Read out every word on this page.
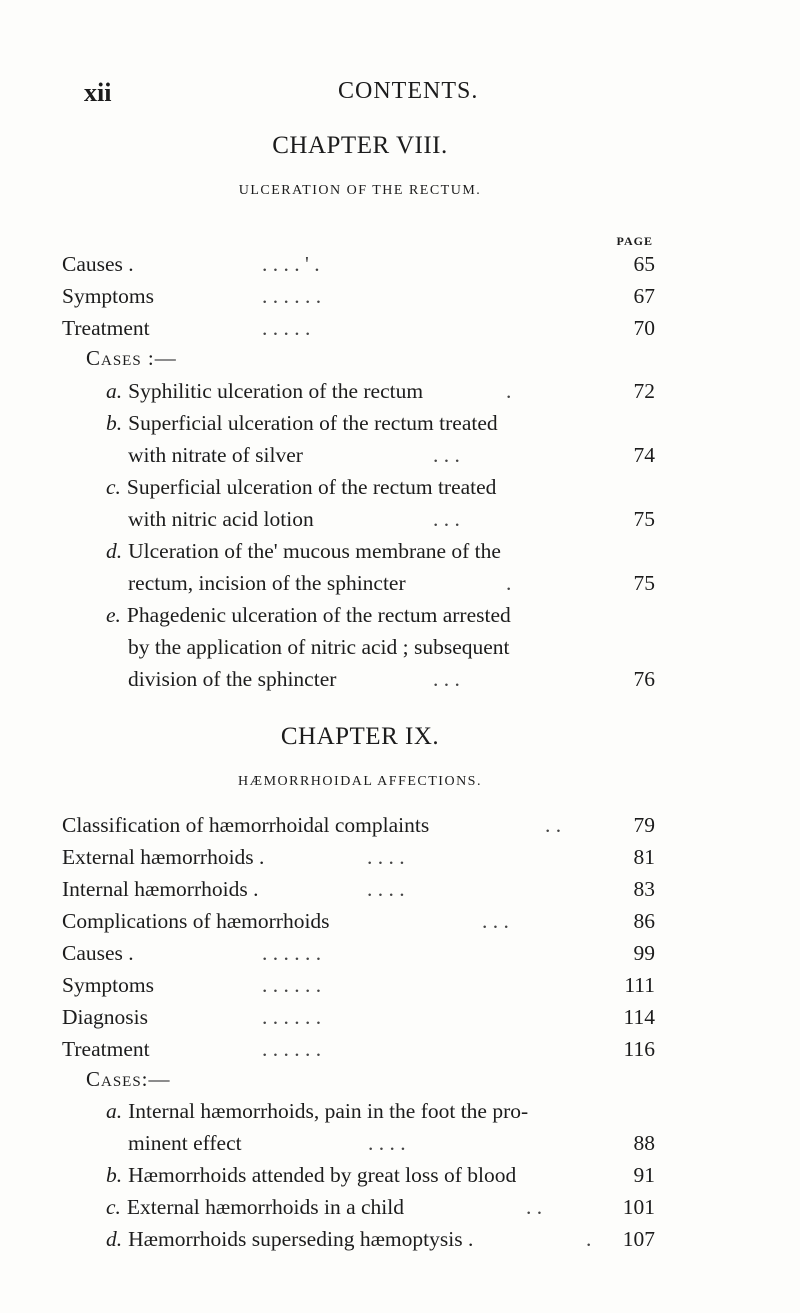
xii	CONTENTS.
CHAPTER VIII.
ULCERATION OF THE RECTUM.
PAGE
Causes .	. . . . ' .	65
Symptoms	. . . . . .	67
Treatment	. . . . .	70
Cases :—
a. Syphilitic ulceration of the rectum	.	72
b. Superficial ulceration of the rectum treated
with nitrate of silver	. . .	74
c. Superficial ulceration of the rectum treated
with nitric acid lotion	. . .	75
d. Ulceration of the' mucous membrane of the
rectum, incision of the sphincter	.	75
e. Phagedenic ulceration of the rectum arrested
by the application of nitric acid ; subsequent
division of the sphincter	. . .	76
CHAPTER IX.
HÆMORRHOIDAL AFFECTIONS.
Classification of hæmorrhoidal complaints	. .	79
External hæmorrhoids .	. . . .	81
Internal hæmorrhoids .	. . . .	83
Complications of hæmorrhoids	. . .	86
Causes .	. . . . . .	99
Symptoms	. . . . . .	111
Diagnosis	. . . . . .	114
Treatment	. . . . . .	116
Cases:—
a. Internal hæmorrhoids, pain in the foot the pro-
minent effect	. . . .	88
b. Hæmorrhoids attended by great loss of blood	91
c. External hæmorrhoids in a child	. .	101
d. Hæmorrhoids superseding hæmoptysis .	. 107
